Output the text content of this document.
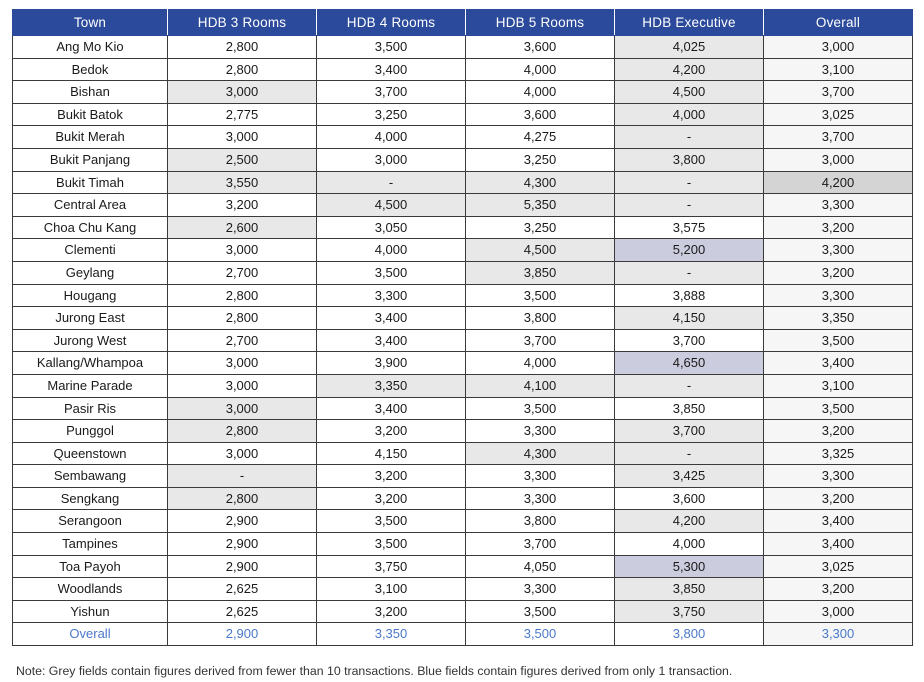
Town	HDB 3 Rooms	HDB 4 Rooms	HDB 5 Rooms	HDB Executive	Overall
Ang Mo Kio	2,800	3,500	3,600	4,025	3,000
Bedok	2,800	3,400	4,000	4,200	3,100
Bishan	3,000	3,700	4,000	4,500	3,700
Bukit Batok	2,775	3,250	3,600	4,000	3,025
Bukit Merah	3,000	4,000	4,275	-	3,700
Bukit Panjang	2,500	3,000	3,250	3,800	3,000
Bukit Timah	3,550	-	4,300	-	4,200
Central Area	3,200	4,500	5,350	-	3,300
Choa Chu Kang	2,600	3,050	3,250	3,575	3,200
Clementi	3,000	4,000	4,500	5,200	3,300
Geylang	2,700	3,500	3,850	-	3,200
Hougang	2,800	3,300	3,500	3,888	3,300
Jurong East	2,800	3,400	3,800	4,150	3,350
Jurong West	2,700	3,400	3,700	3,700	3,500
Kallang/Whampoa	3,000	3,900	4,000	4,650	3,400
Marine Parade	3,000	3,350	4,100	-	3,100
Pasir Ris	3,000	3,400	3,500	3,850	3,500
Punggol	2,800	3,200	3,300	3,700	3,200
Queenstown	3,000	4,150	4,300	-	3,325
Sembawang	-	3,200	3,300	3,425	3,300
Sengkang	2,800	3,200	3,300	3,600	3,200
Serangoon	2,900	3,500	3,800	4,200	3,400
Tampines	2,900	3,500	3,700	4,000	3,400
Toa Payoh	2,900	3,750	4,050	5,300	3,025
Woodlands	2,625	3,100	3,300	3,850	3,200
Yishun	2,625	3,200	3,500	3,750	3,000
Overall	2,900	3,350	3,500	3,800	3,300
Note: Grey fields contain figures derived from fewer than 10 transactions. Blue fields contain figures derived from only 1 transaction.
